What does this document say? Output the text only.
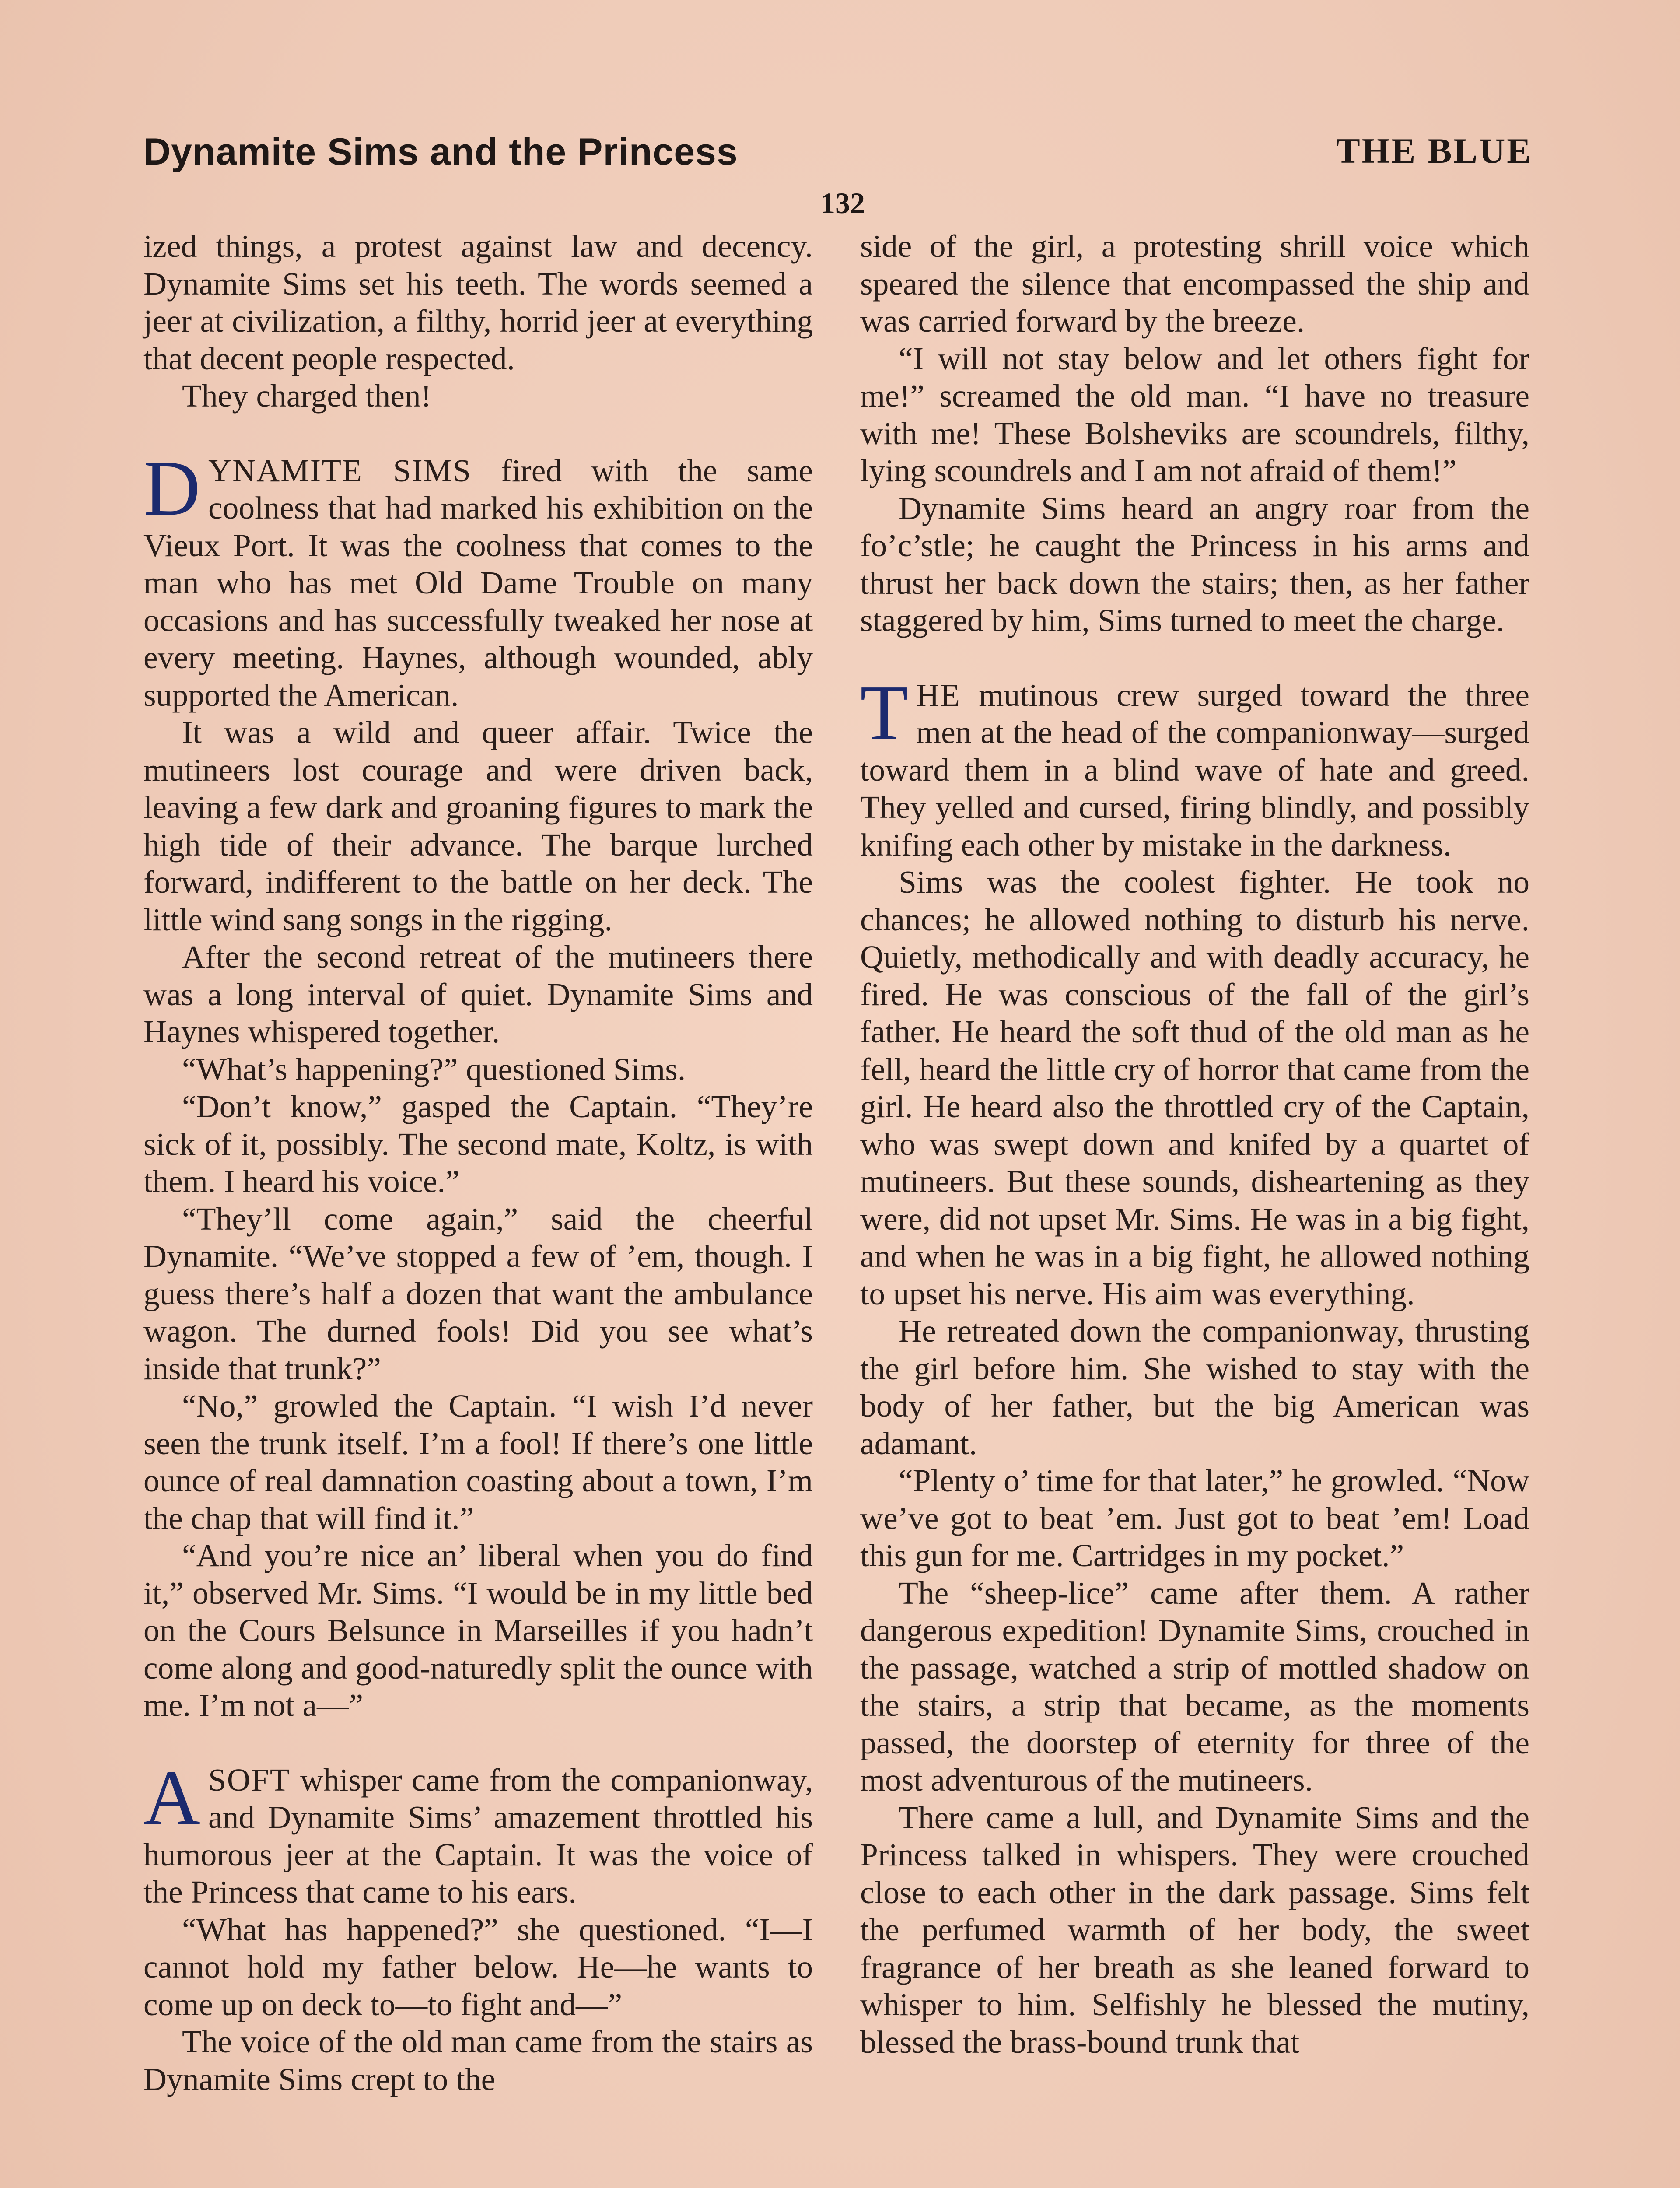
Dynamite Sims and the Princess	THE BLUE
132

ized things, a protest against law and decency. Dynamite Sims set his teeth. The words seemed a jeer at civilization, a filthy, horrid jeer at everything that decent people respected.

They charged then!

DYNAMITE SIMS fired with the same coolness that had marked his exhibition on the Vieux Port. It was the coolness that comes to the man who has met Old Dame Trouble on many occasions and has successfully tweaked her nose at every meeting. Haynes, although wounded, ably supported the American.

It was a wild and queer affair. Twice the mutineers lost courage and were driven back, leaving a few dark and groaning figures to mark the high tide of their advance. The barque lurched forward, indifferent to the battle on her deck. The little wind sang songs in the rigging.

After the second retreat of the mutineers there was a long interval of quiet. Dynamite Sims and Haynes whispered together.

“What’s happening?” questioned Sims.

“Don’t know,” gasped the Captain. “They’re sick of it, possibly. The second mate, Koltz, is with them. I heard his voice.”

“They’ll come again,” said the cheerful Dynamite. “We’ve stopped a few of ’em, though. I guess there’s half a dozen that want the ambulance wagon. The durned fools! Did you see what’s inside that trunk?”

“No,” growled the Captain. “I wish I’d never seen the trunk itself. I’m a fool! If there’s one little ounce of real damnation coasting about a town, I’m the chap that will find it.”

“And you’re nice an’ liberal when you do find it,” observed Mr. Sims. “I would be in my little bed on the Cours Belsunce in Marseilles if you hadn’t come along and good-naturedly split the ounce with me. I’m not a—”

ASOFT whisper came from the companionway, and Dynamite Sims’ amazement throttled his humorous jeer at the Captain. It was the voice of the Princess that came to his ears.

“What has happened?” she questioned. “I—I cannot hold my father below. He—he wants to come up on deck to—to fight and—”

The voice of the old man came from the stairs as Dynamite Sims crept to the

side of the girl, a protesting shrill voice which speared the silence that encompassed the ship and was carried forward by the breeze.

“I will not stay below and let others fight for me!” screamed the old man. “I have no treasure with me! These Bolsheviks are scoundrels, filthy, lying scoundrels and I am not afraid of them!”

Dynamite Sims heard an angry roar from the fo’c’stle; he caught the Princess in his arms and thrust her back down the stairs; then, as her father staggered by him, Sims turned to meet the charge.

THE mutinous crew surged toward the three men at the head of the companionway—surged toward them in a blind wave of hate and greed. They yelled and cursed, firing blindly, and possibly knifing each other by mistake in the darkness.

Sims was the coolest fighter. He took no chances; he allowed nothing to disturb his nerve. Quietly, methodically and with deadly accuracy, he fired. He was conscious of the fall of the girl’s father. He heard the soft thud of the old man as he fell, heard the little cry of horror that came from the girl. He heard also the throttled cry of the Captain, who was swept down and knifed by a quartet of mutineers. But these sounds, disheartening as they were, did not upset Mr. Sims. He was in a big fight, and when he was in a big fight, he allowed nothing to upset his nerve. His aim was everything.

He retreated down the companionway, thrusting the girl before him. She wished to stay with the body of her father, but the big American was adamant.

“Plenty o’ time for that later,” he growled. “Now we’ve got to beat ’em. Just got to beat ’em! Load this gun for me. Cartridges in my pocket.”

The “sheep-lice” came after them. A rather dangerous expedition! Dynamite Sims, crouched in the passage, watched a strip of mottled shadow on the stairs, a strip that became, as the moments passed, the doorstep of eternity for three of the most adventurous of the mutineers.

There came a lull, and Dynamite Sims and the Princess talked in whispers. They were crouched close to each other in the dark passage. Sims felt the perfumed warmth of her body, the sweet fragrance of her breath as she leaned forward to whisper to him. Selfishly he blessed the mutiny, blessed the brass-bound trunk that
